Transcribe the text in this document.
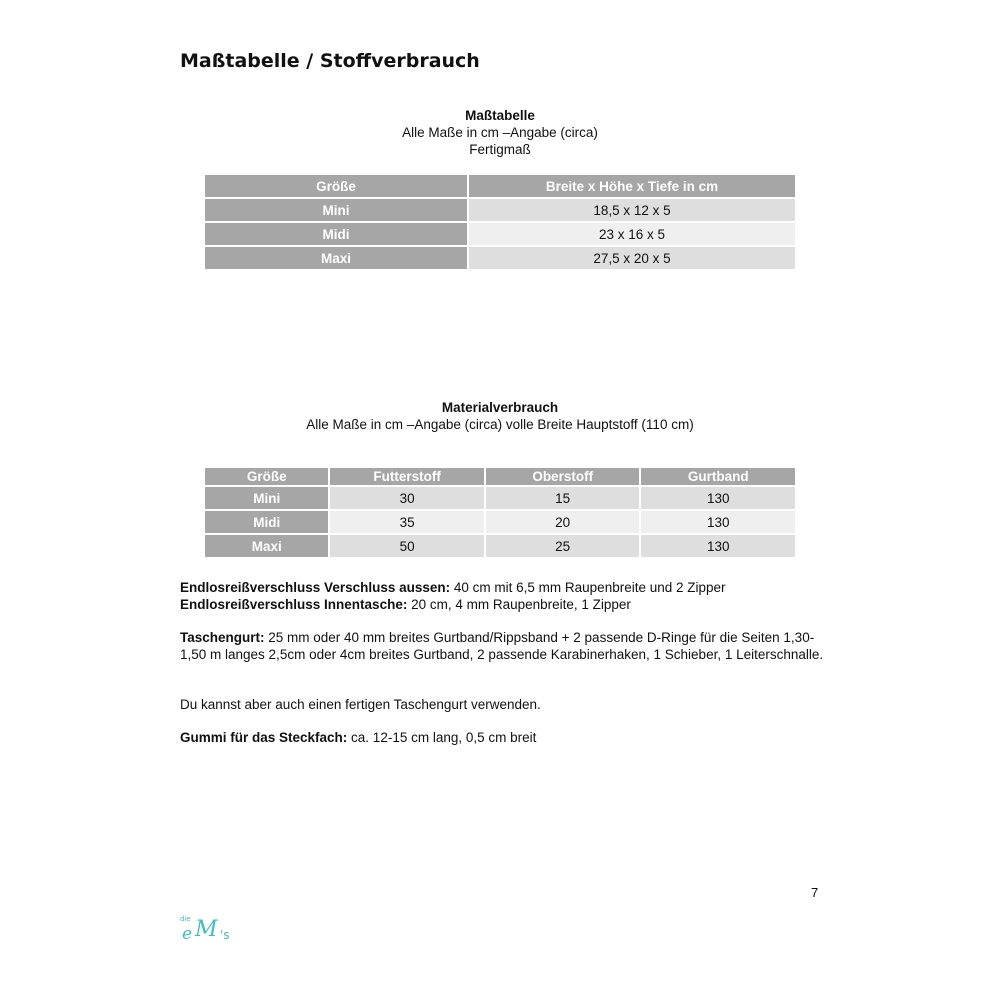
Maßtabelle / Stoffverbrauch
Maßtabelle
Alle Maße in cm –Angabe (circa)
Fertigmaß
Größe	Breite x Höhe x Tiefe in cm
Mini	18,5 x 12 x 5
Midi	23 x 16 x 5
Maxi	27,5 x 20 x 5
Materialverbrauch
Alle Maße in cm –Angabe (circa) volle Breite Hauptstoff (110 cm)
Größe	Futterstoff	Oberstoff	Gurtband
Mini	30	15	130
Midi	35	20	130
Maxi	50	25	130

Endlosreißverschluss Verschluss aussen: 40 cm mit 6,5 mm Raupenbreite und 2 Zipper

Endlosreißverschluss Innentasche: 20 cm, 4 mm Raupenbreite, 1 Zipper

Taschengurt: 25 mm oder 40 mm breites Gurtband/Rippsband + 2 passende D-Ringe für die Seiten 1,30-1,50 m langes 2,5cm oder 4cm breites Gurtband, 2 passende Karabinerhaken, 1 Schieber, 1 Leiterschnalle.

Du kannst aber auch einen fertigen Taschengurt verwenden.

Gummi für das Steckfach: ca. 12-15 cm lang, 0,5 cm breit

7
die
e M 's
